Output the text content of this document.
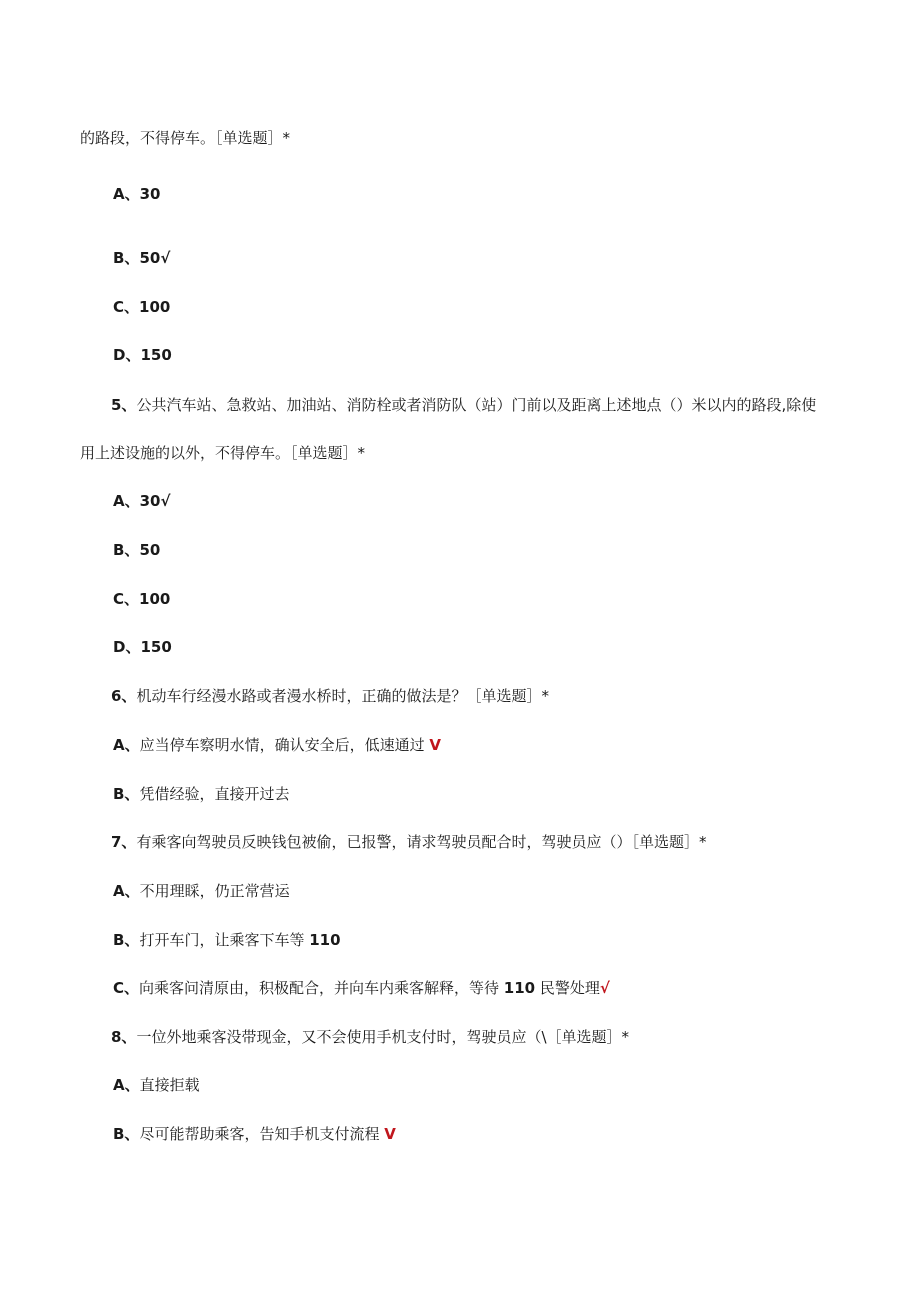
的路段，不得停车。［单选题］*
A、30
B、50√
C、100
D、150
5、公共汽车站、急救站、加油站、消防栓或者消防队（站）门前以及距离上述地点（）米以内的路段,除使
用上述设施的以外，不得停车。［单选题］*
A、30√
B、50
C、100
D、150
6、机动车行经漫水路或者漫水桥时，正确的做法是？［单选题］*
A、应当停车察明水情，确认安全后，低速通过 V
B、凭借经验，直接开过去
7、有乘客向驾驶员反映钱包被偷，已报警，请求驾驶员配合时，驾驶员应（）［单选题］*
A、不用理睬，仍正常营运
B、打开车门，让乘客下车等 110
C、向乘客问清原由，积极配合，并向车内乘客解释，等待 110 民警处理√
8、一位外地乘客没带现金，又不会使用手机支付时，驾驶员应（\［单选题］*
A、直接拒载
B、尽可能帮助乘客，告知手机支付流程 V
